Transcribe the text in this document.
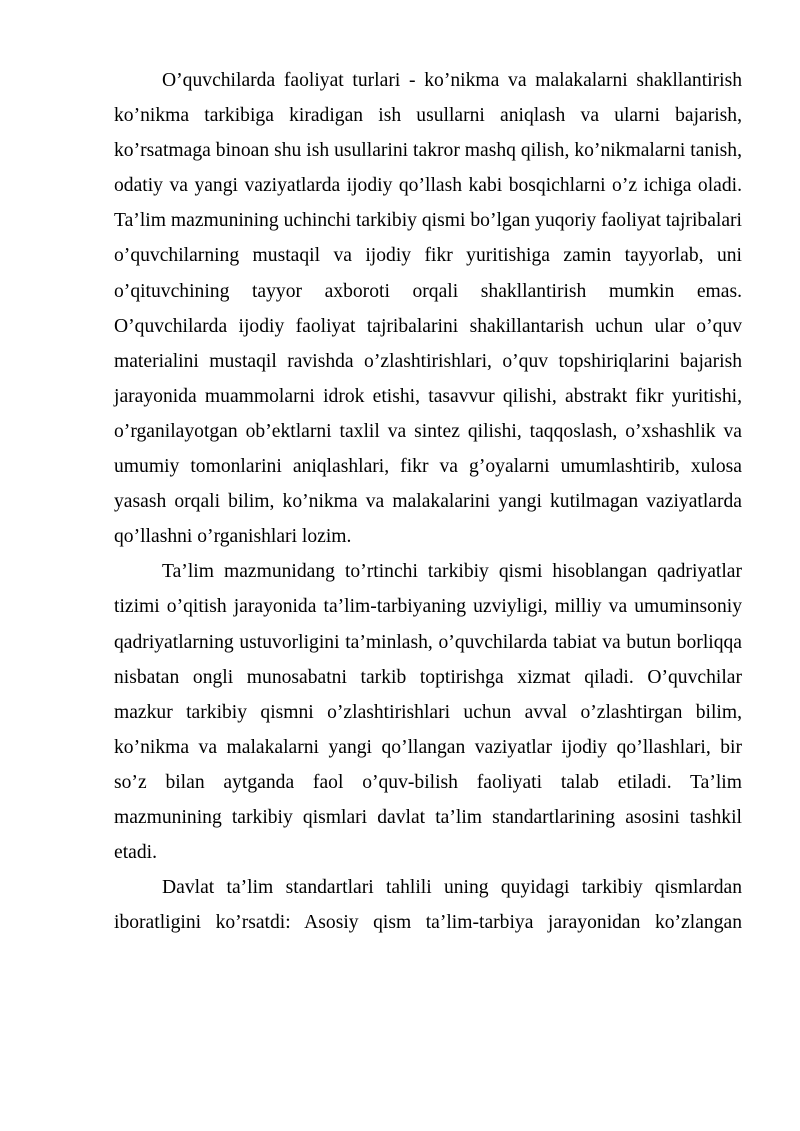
O’quvchilarda faoliyat turlari - ko’nikma va malakalarni shakllantirish ko’nikma tarkibiga kiradigan ish usullarni aniqlash va ularni bajarish, ko’rsatmaga binoan shu ish usullarini takror mashq qilish, ko’nikmalarni tanish, odatiy va yangi vaziyatlarda ijodiy qo’llash kabi bosqichlarni o’z ichiga oladi. Ta’lim mazmunining uchinchi tarkibiy qismi bo’lgan yuqoriy faoliyat tajribalari o’quvchilarning mustaqil va ijodiy fikr yuritishiga zamin tayyorlab, uni o’qituvchining tayyor axboroti orqali shakllantirish mumkin emas. O’quvchilarda ijodiy faoliyat tajribalarini shakillantarish uchun ular o’quv materialini mustaqil ravishda o’zlashtirishlari, o’quv topshiriqlarini bajarish jarayonida muammolarni idrok etishi, tasavvur qilishi, abstrakt fikr yuritishi, o’rganilayotgan ob’ektlarni taxlil va sintez qilishi, taqqoslash, o’xshashlik va umumiy tomonlarini aniqlashlari, fikr va g’oyalarni umumlashtirib, xulosa yasash orqali bilim, ko’nikma va malakalarini yangi kutilmagan vaziyatlarda qo’llashni o’rganishlari lozim.

Ta’lim mazmunidang to’rtinchi tarkibiy qismi hisoblangan qadriyatlar tizimi o’qitish jarayonida ta’lim-tarbiyaning uzviyligi, milliy va umuminsoniy qadriyatlarning ustuvorligini ta’minlash, o’quvchilarda tabiat va butun borliqqa nisbatan ongli munosabatni tarkib toptirishga xizmat qiladi. O’quvchilar mazkur tarkibiy qismni o’zlashtirishlari uchun avval o’zlashtirgan bilim, ko’nikma va malakalarni yangi qo’llangan vaziyatlar ijodiy qo’llashlari, bir so’z bilan aytganda faol o’quv-bilish faoliyati talab etiladi. Ta’lim mazmunining tarkibiy qismlari davlat ta’lim standartlarining asosini tashkil etadi.

Davlat ta’lim standartlari tahlili uning quyidagi tarkibiy qismlardan iboratligini ko’rsatdi: Asosiy qism ta’lim-tarbiya jarayonidan ko’zlangan
